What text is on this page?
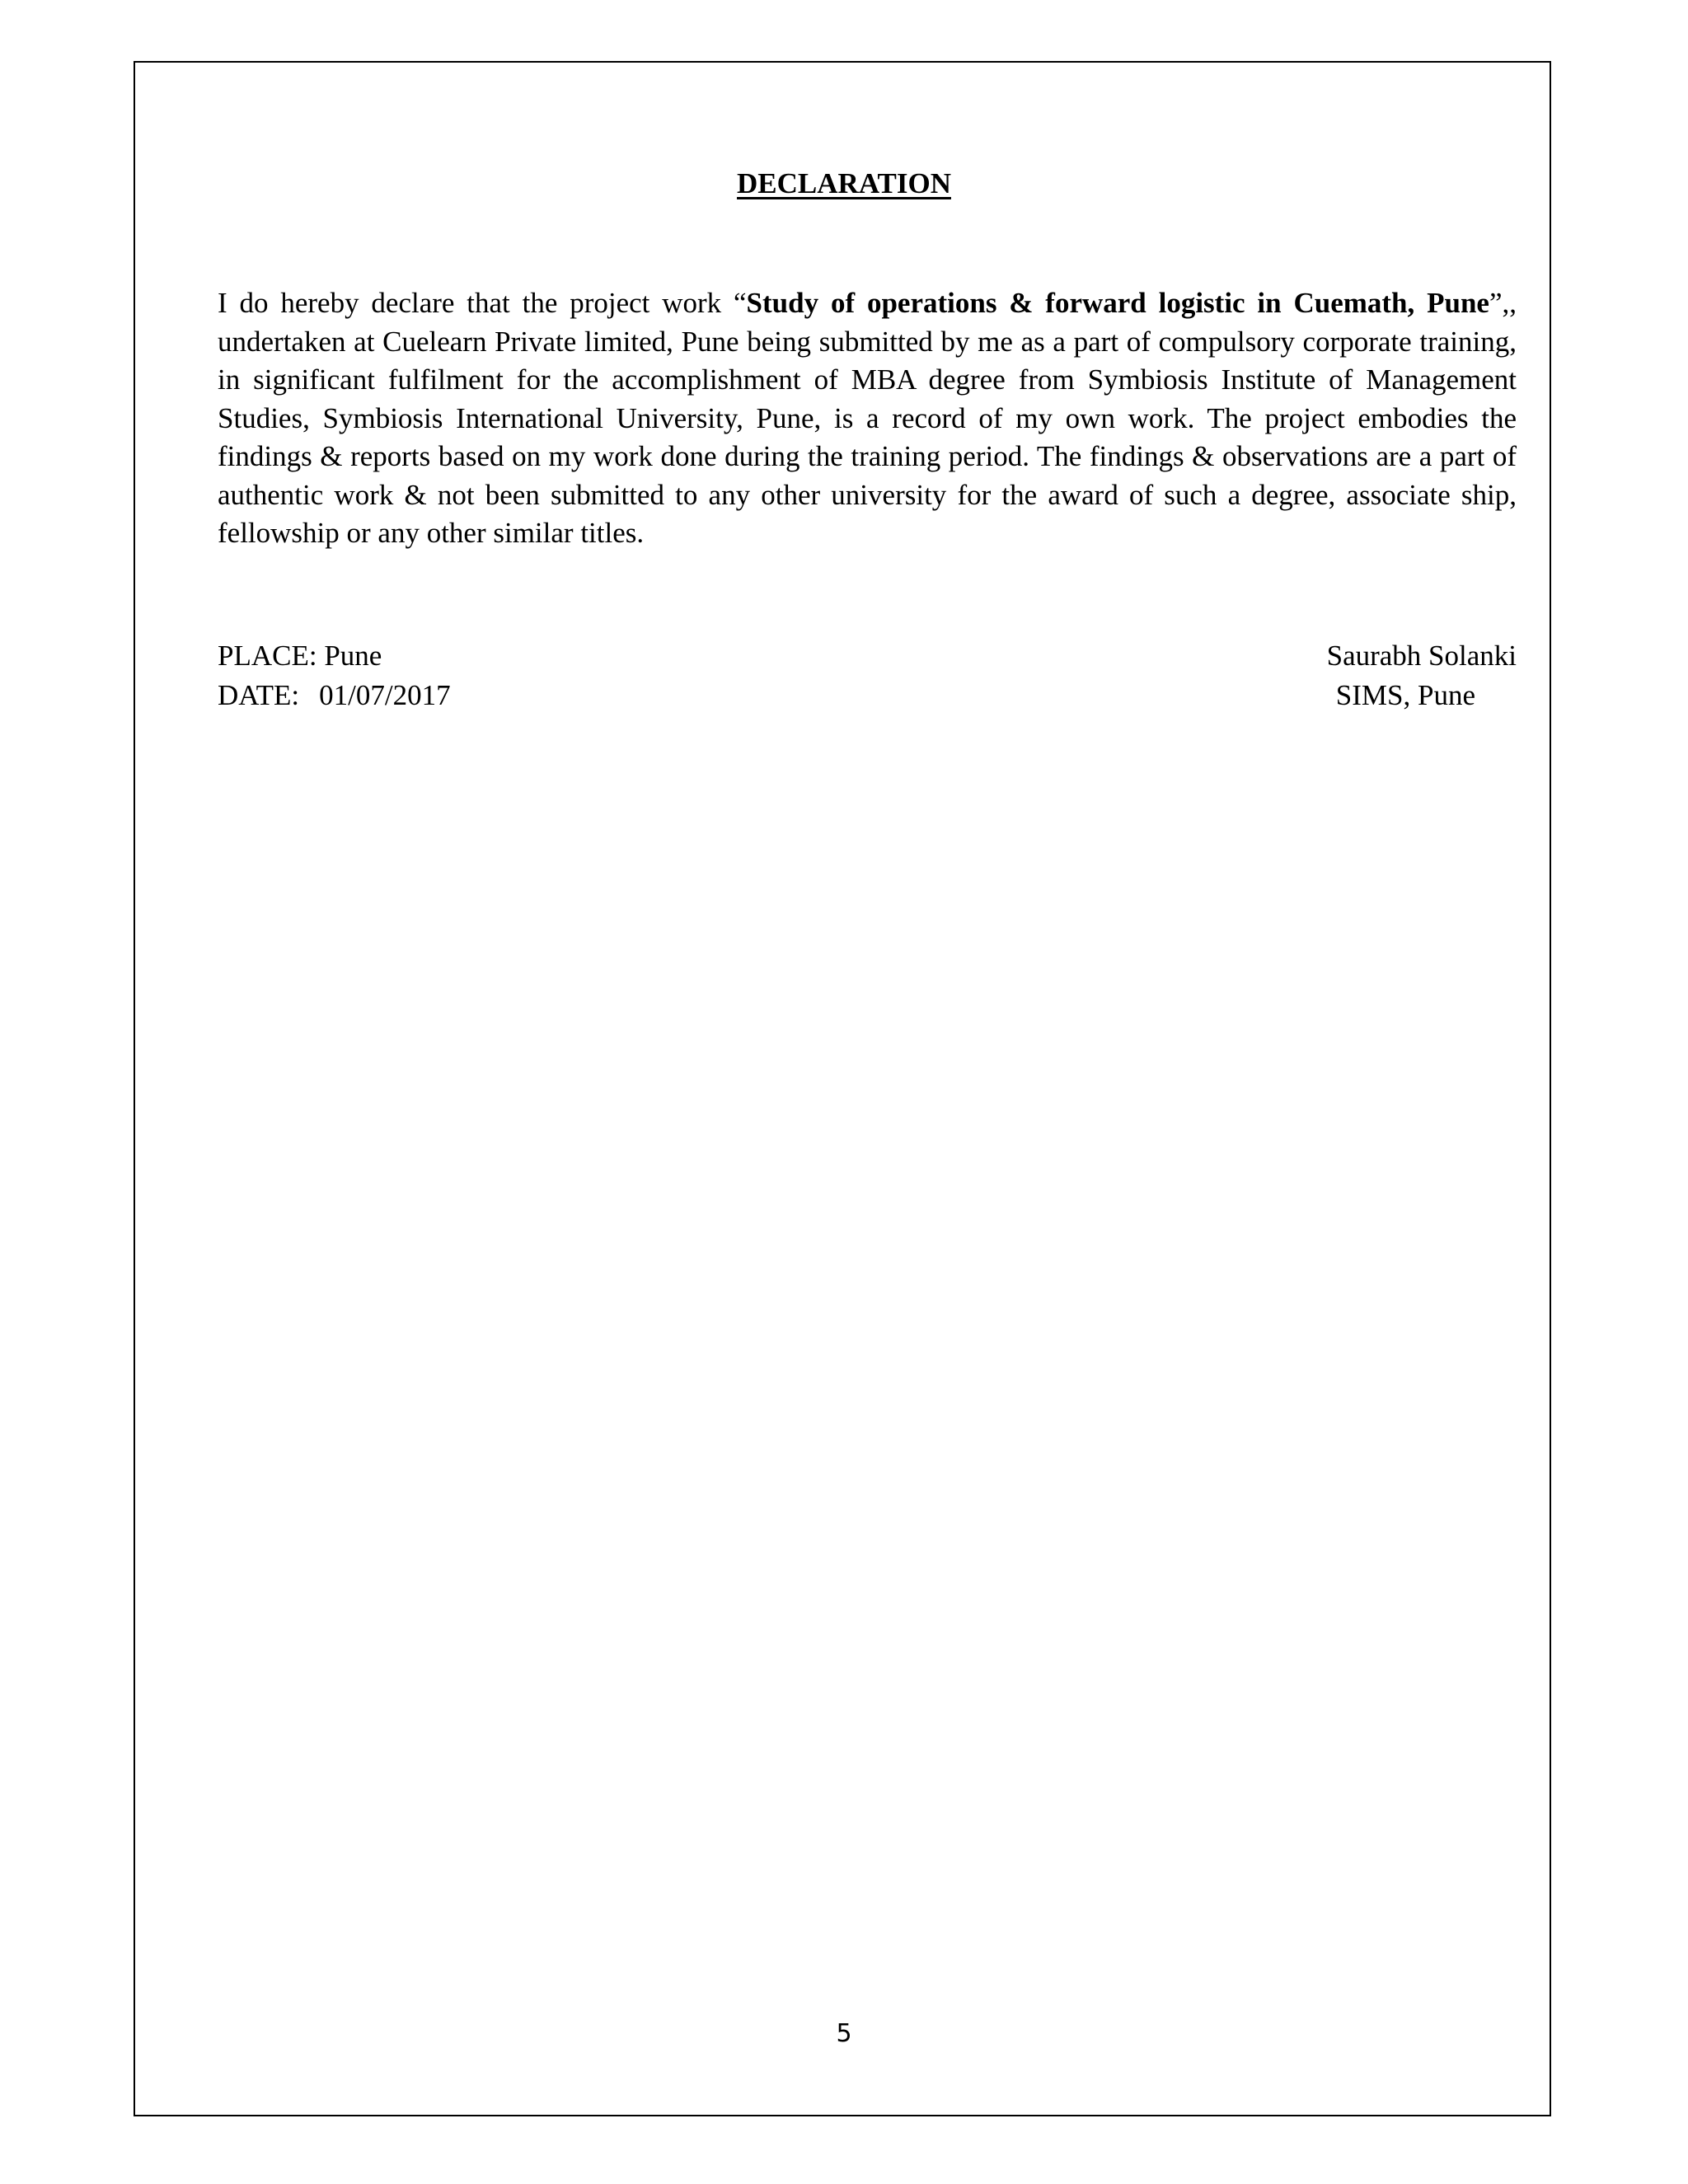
DECLARATION

I do hereby declare that the project work “Study of operations & forward logistic in Cuemath, Pune”,, undertaken at Cuelearn Private limited, Pune being submitted by me as a part of compulsory corporate training, in significant fulfilment for the accomplishment of MBA degree from Symbiosis Institute of Management Studies, Symbiosis International University, Pune, is a record of my own work. The project embodies the findings & reports based on my work done during the training period. The findings & observations are a part of authentic work & not been submitted to any other university for the award of such a degree, associate ship, fellowship or any other similar titles.

PLACE: Pune
DATE: 01/07/2017
Saurabh Solanki
SIMS, Pune
5
